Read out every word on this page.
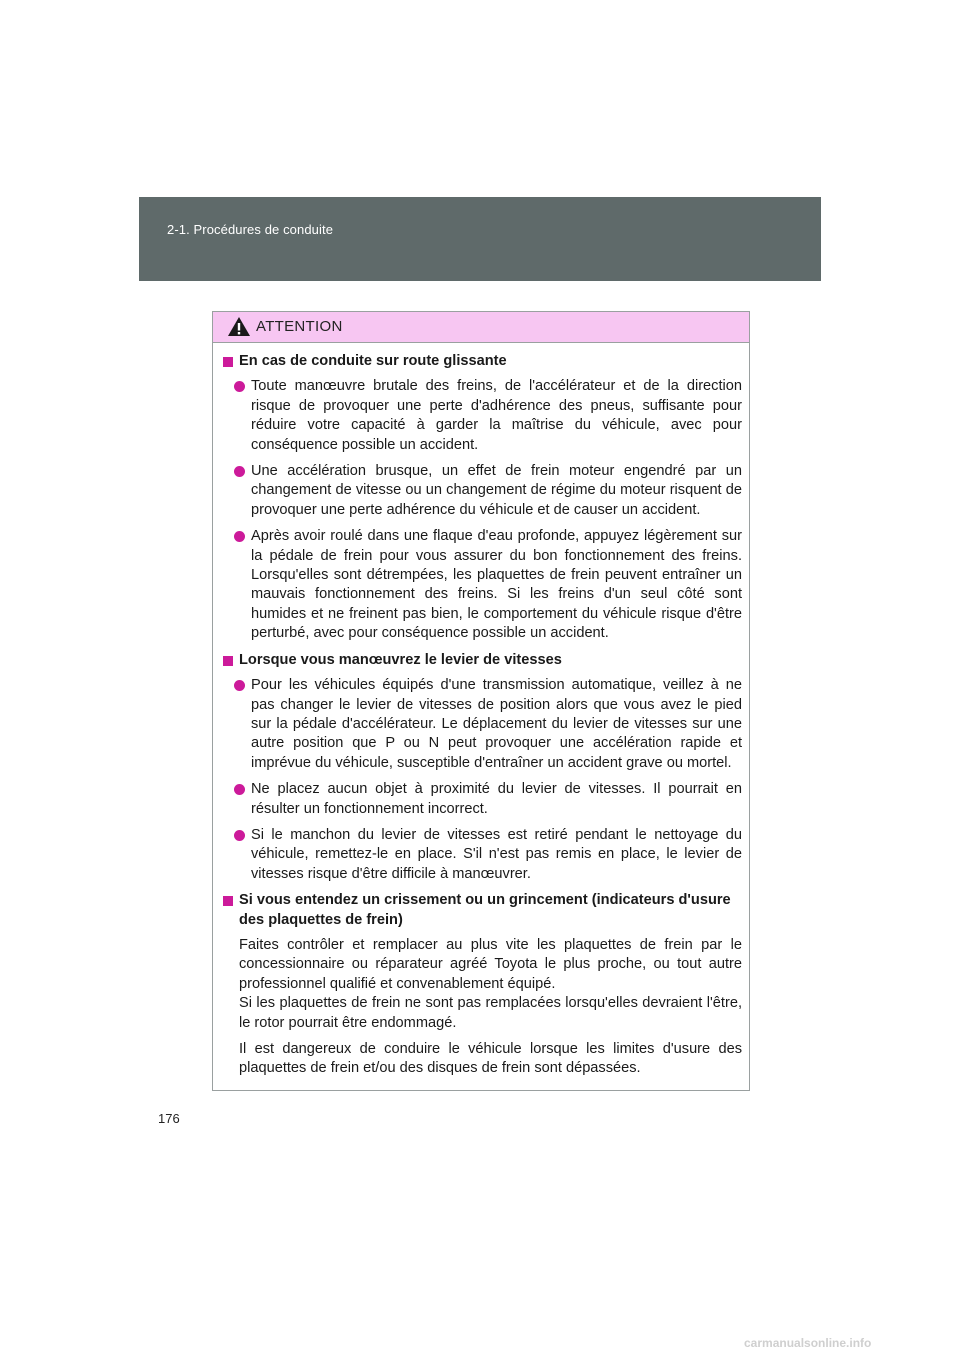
2-1. Procédures de conduite
ATTENTION
En cas de conduite sur route glissante
Toute manœuvre brutale des freins, de l'accélérateur et de la direction risque de provoquer une perte d'adhérence des pneus, suffisante pour réduire votre capacité à garder la maîtrise du véhicule, avec pour conséquence possible un accident.
Une accélération brusque, un effet de frein moteur engendré par un changement de vitesse ou un changement de régime du moteur risquent de provoquer une perte adhérence du véhicule et de causer un accident.
Après avoir roulé dans une flaque d'eau profonde, appuyez légèrement sur la pédale de frein pour vous assurer du bon fonctionnement des freins. Lorsqu'elles sont détrempées, les plaquettes de frein peuvent entraîner un mauvais fonctionnement des freins. Si les freins d'un seul côté sont humides et ne freinent pas bien, le comportement du véhicule risque d'être perturbé, avec pour conséquence possible un accident.
Lorsque vous manœuvrez le levier de vitesses
Pour les véhicules équipés d'une transmission automatique, veillez à ne pas changer le levier de vitesses de position alors que vous avez le pied sur la pédale d'accélérateur. Le déplacement du levier de vitesses sur une autre position que P ou N peut provoquer une accélération rapide et imprévue du véhicule, susceptible d'entraîner un accident grave ou mortel.
Ne placez aucun objet à proximité du levier de vitesses. Il pourrait en résulter un fonctionnement incorrect.
Si le manchon du levier de vitesses est retiré pendant le nettoyage du véhicule, remettez-le en place. S'il n'est pas remis en place, le levier de vitesses risque d'être difficile à manœuvrer.
Si vous entendez un crissement ou un grincement (indicateurs d'usure des plaquettes de frein)
Faites contrôler et remplacer au plus vite les plaquettes de frein par le concessionnaire ou réparateur agréé Toyota le plus proche, ou tout autre professionnel qualifié et convenablement équipé.
Si les plaquettes de frein ne sont pas remplacées lorsqu'elles devraient l'être, le rotor pourrait être endommagé.
Il est dangereux de conduire le véhicule lorsque les limites d'usure des plaquettes de frein et/ou des disques de frein sont dépassées.
176
carmanualsonline.info
